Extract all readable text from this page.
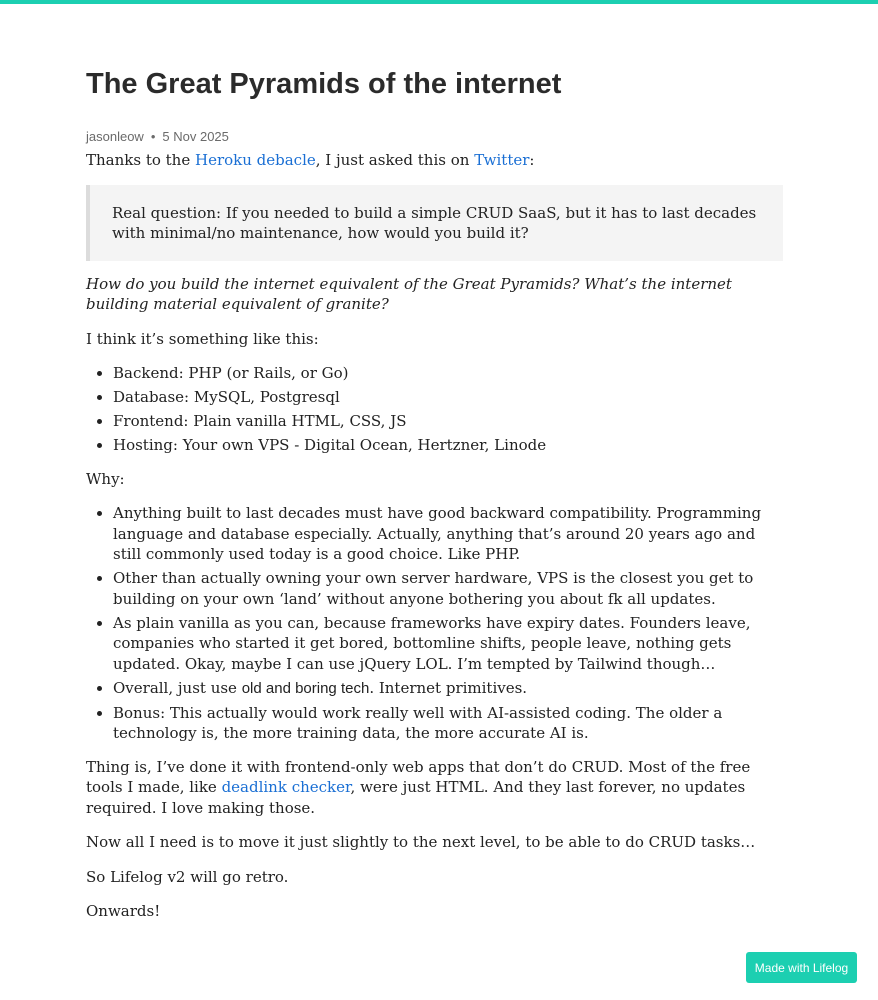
The Great Pyramids of the internet
jasonleow • 5 Nov 2025

Thanks to the Heroku debacle, I just asked this on Twitter:

Real question: If you needed to build a simple CRUD SaaS, but it has to last decades with minimal/no maintenance, how would you build it?

How do you build the internet equivalent of the Great Pyramids? What’s the internet building material equivalent of granite?

I think it’s something like this:

• Backend: PHP (or Rails, or Go)
• Database: MySQL, Postgresql
• Frontend: Plain vanilla HTML, CSS, JS
• Hosting: Your own VPS - Digital Ocean, Hertzner, Linode

Why:

• Anything built to last decades must have good backward compatibility. Programming language and database especially. Actually, anything that’s around 20 years ago and still commonly used today is a good choice. Like PHP.
• Other than actually owning your own server hardware, VPS is the closest you get to building on your own ‘land’ without anyone bothering you about fk all updates.
• As plain vanilla as you can, because frameworks have expiry dates. Founders leave, companies who started it get bored, bottomline shifts, people leave, nothing gets updated. Okay, maybe I can use jQuery LOL. I’m tempted by Tailwind though…
• Overall, just use old and boring tech. Internet primitives.
• Bonus: This actually would work really well with AI-assisted coding. The older a technology is, the more training data, the more accurate AI is.

Thing is, I’ve done it with frontend-only web apps that don’t do CRUD. Most of the free tools I made, like deadlink checker, were just HTML. And they last forever, no updates required. I love making those.

Now all I need is to move it just slightly to the next level, to be able to do CRUD tasks…

So Lifelog v2 will go retro.

Onwards!

Made with Lifelog
